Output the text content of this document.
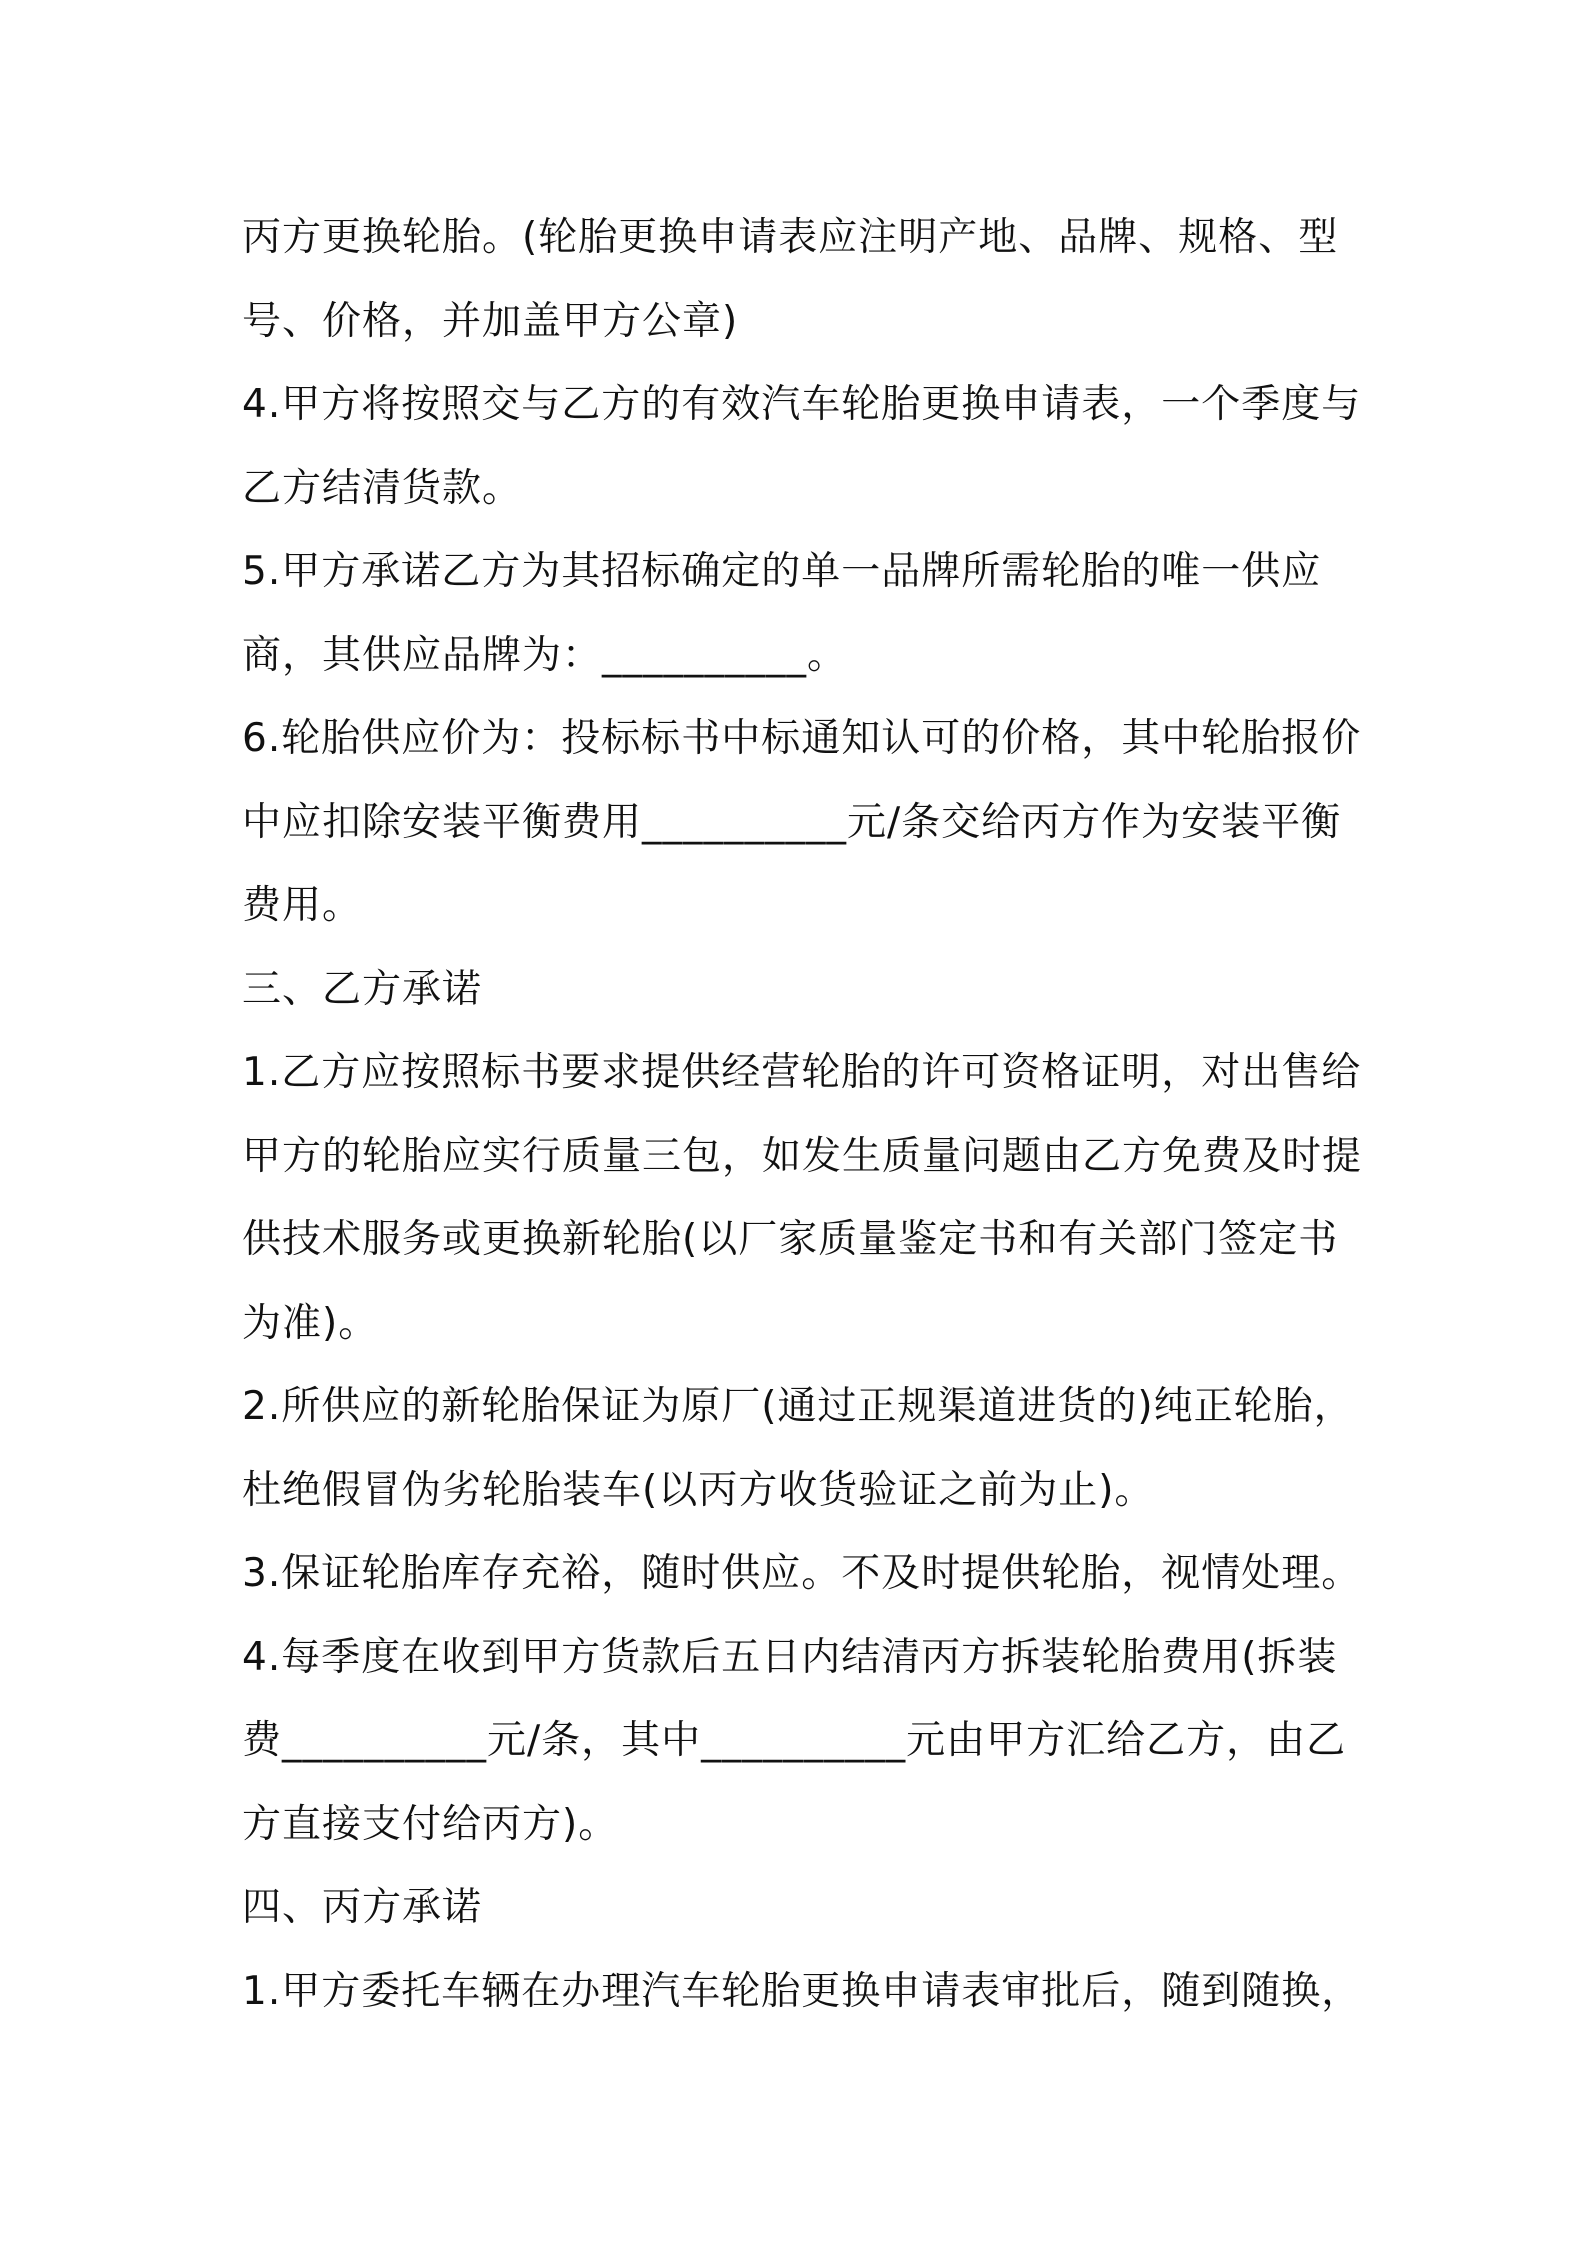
丙方更换轮胎。(轮胎更换申请表应注明产地、品牌、规格、型
号、价格，并加盖甲方公章)
4.甲方将按照交与乙方的有效汽车轮胎更换申请表，一个季度与
乙方结清货款。
5.甲方承诺乙方为其招标确定的单一品牌所需轮胎的唯一供应
商，其供应品牌为：__________。
6.轮胎供应价为：投标标书中标通知认可的价格，其中轮胎报价
中应扣除安装平衡费用__________元/条交给丙方作为安装平衡
费用。
三、乙方承诺
1.乙方应按照标书要求提供经营轮胎的许可资格证明，对出售给
甲方的轮胎应实行质量三包，如发生质量问题由乙方免费及时提
供技术服务或更换新轮胎(以厂家质量鉴定书和有关部门签定书
为准)。
2.所供应的新轮胎保证为原厂(通过正规渠道进货的)纯正轮胎，
杜绝假冒伪劣轮胎装车(以丙方收货验证之前为止)。
3.保证轮胎库存充裕，随时供应。不及时提供轮胎，视情处理。
4.每季度在收到甲方货款后五日内结清丙方拆装轮胎费用(拆装
费__________元/条，其中__________元由甲方汇给乙方，由乙
方直接支付给丙方)。
四、丙方承诺
1.甲方委托车辆在办理汽车轮胎更换申请表审批后，随到随换，
